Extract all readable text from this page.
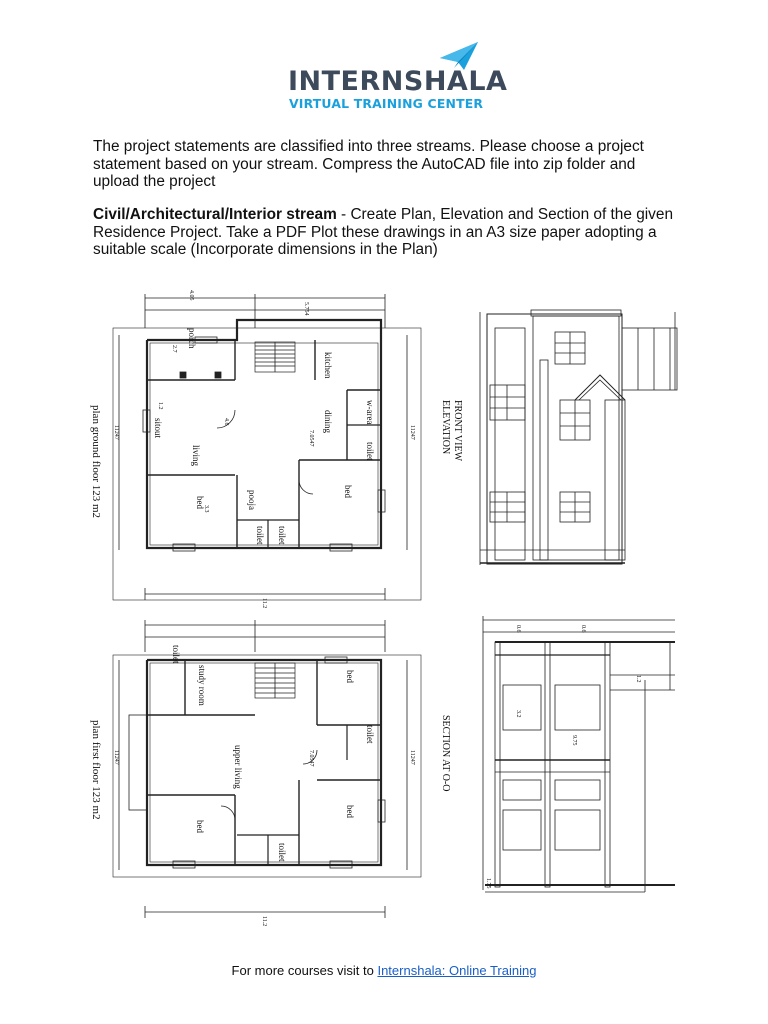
INTERNSHALA
VIRTUAL TRAINING CENTER

The project statements are classified into three streams. Please choose a project statement based on your stream. Compress the AutoCAD file into zip folder and upload the project

Civil/Architectural/Interior stream - Create Plan, Elevation and Section of the given Residence Project. Take a PDF Plot these drawings in an A3 size paper adopting a suitable scale (Incorporate dimensions in the Plan)

plan ground floor 123 m2
plan first floor 123 m2
ELEVATION FRONT VIEW
SECTION AT O-O
porch
sitout
living
dining
kitchen
w-area
toilet
bed
bed
pooja
toilet toilet
study room
toilet
upper living
bed
bed
bed
toilet
toilet
11247	11247
11.2
4.05
5.754
1.2
2.7
3.3
4.6
7.0547
11247	11247
11.2
7.0547
9.75
0.6	0.6
1.2
3.2
1.75
For more courses visit to Internshala: Online Training
